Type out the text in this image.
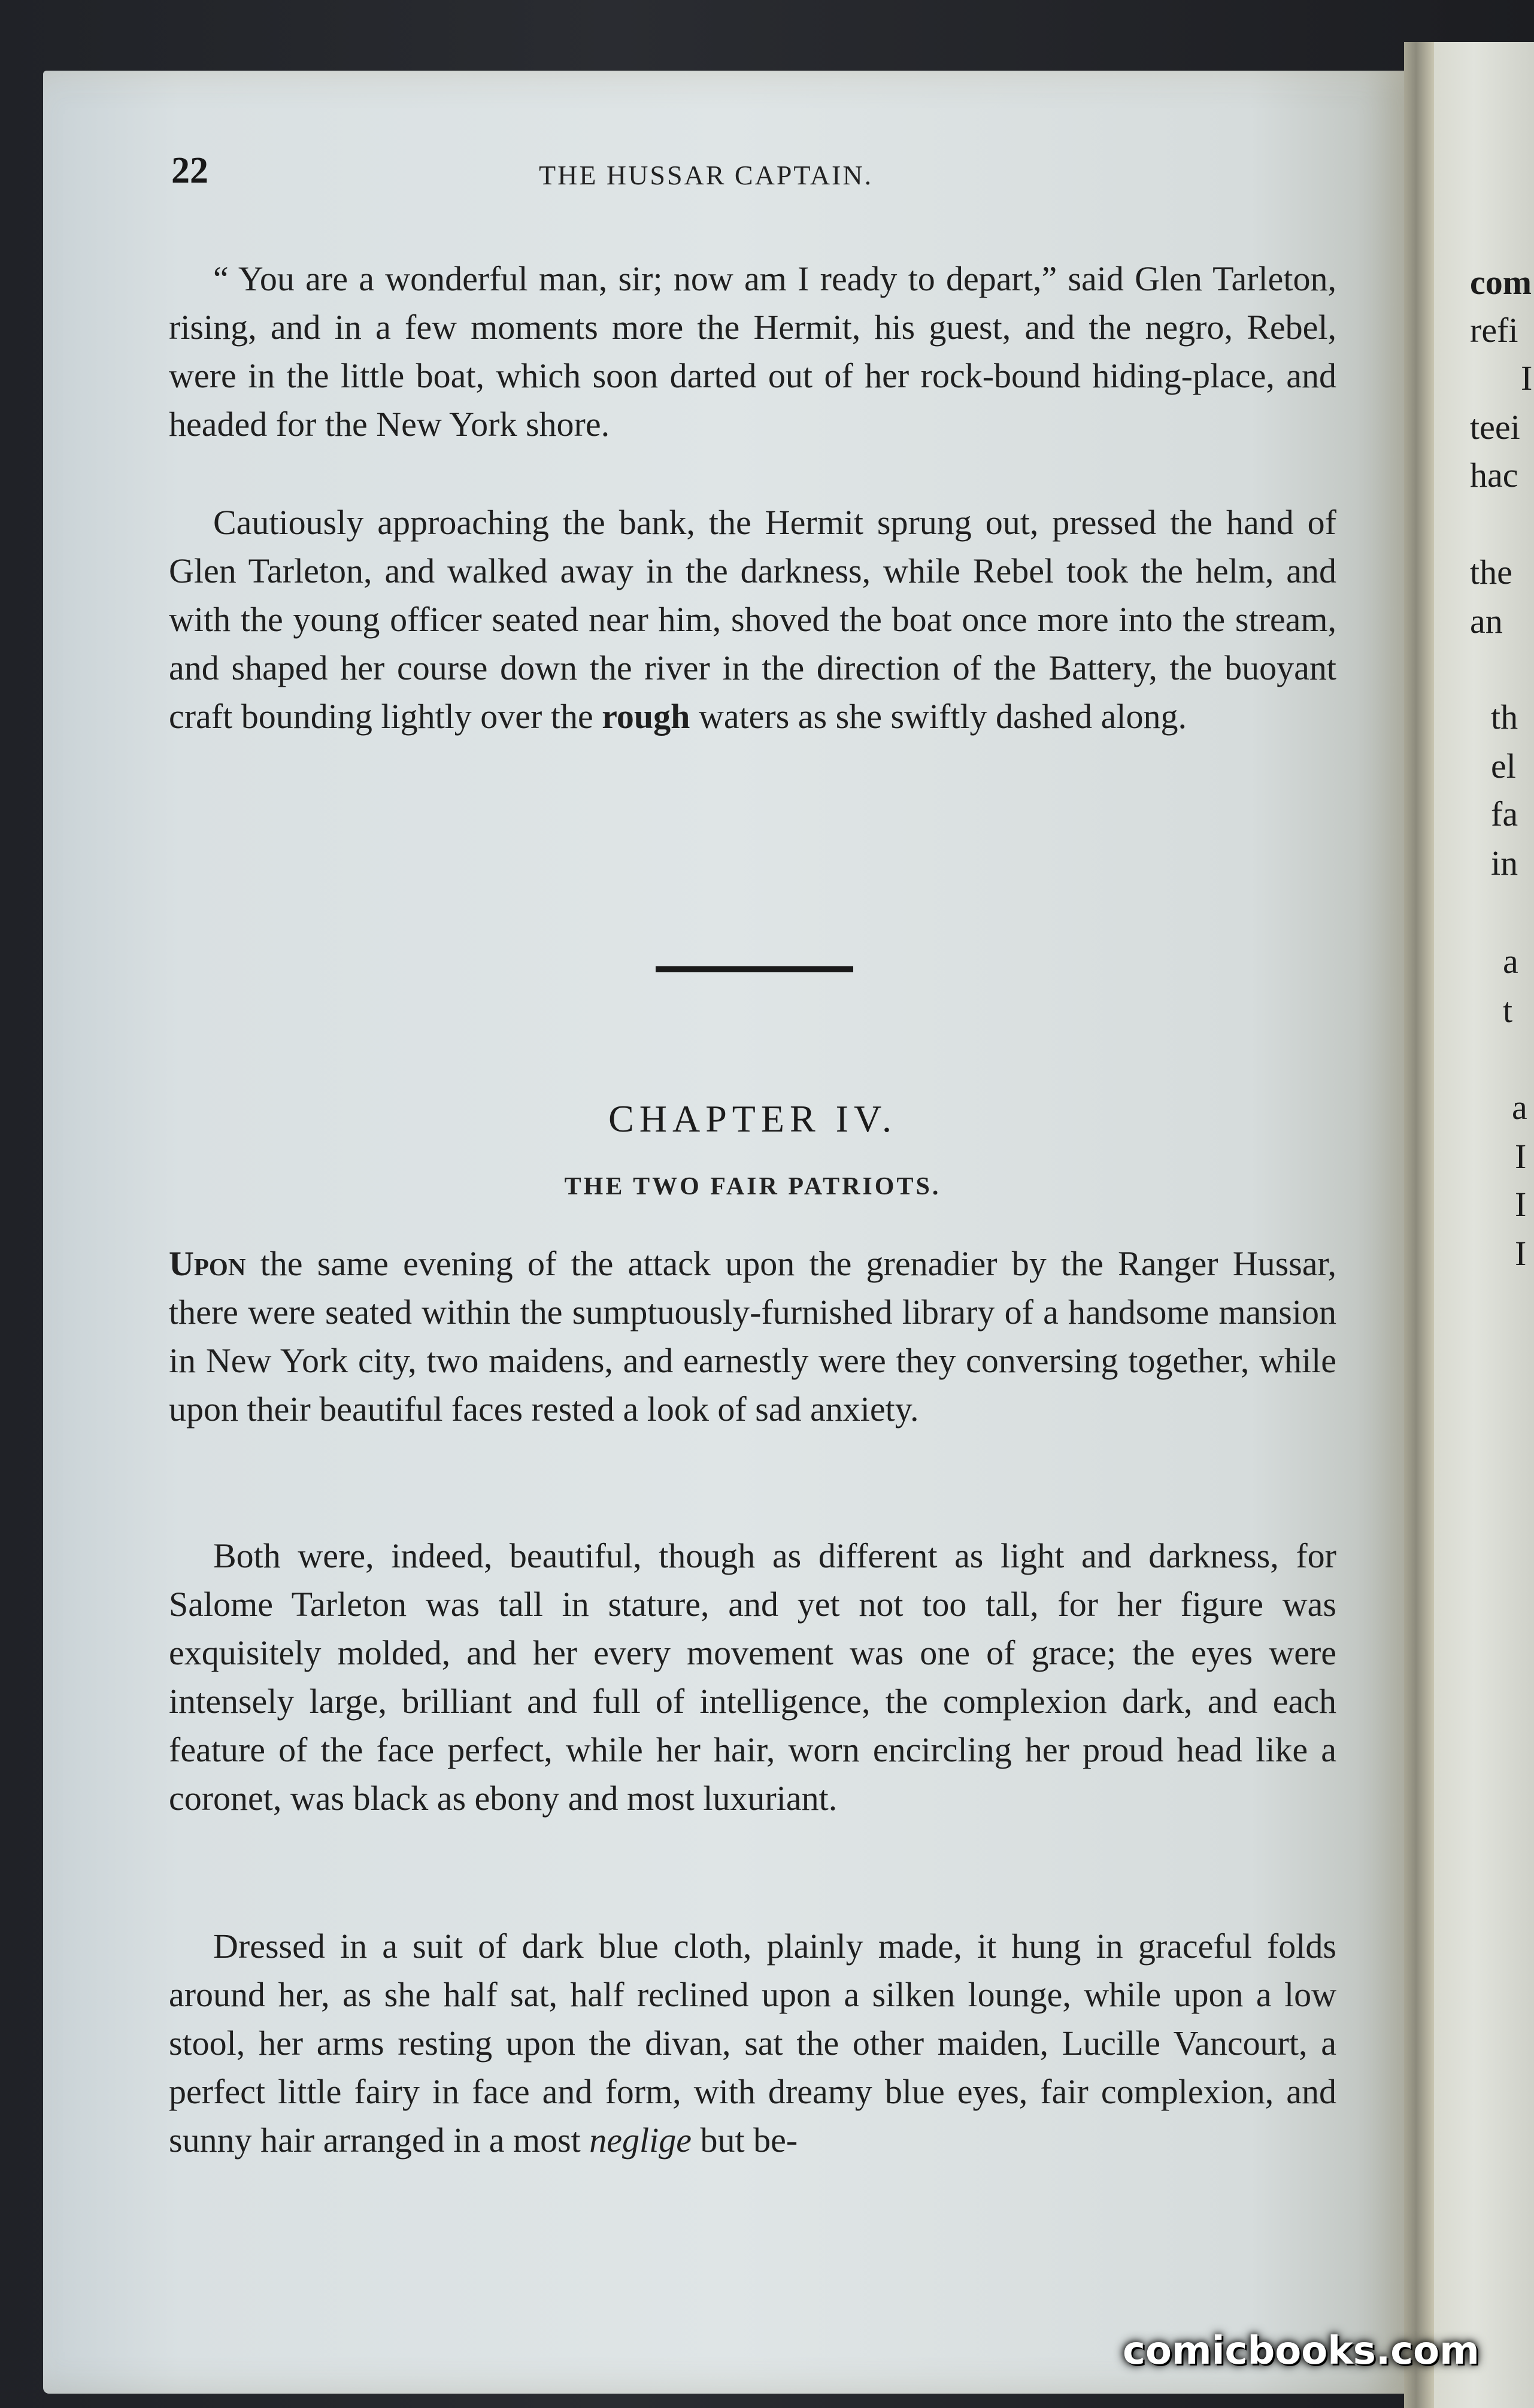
com
refi
I
teei
hac
the
an
th
el
fa
in
a
t
a
I
I
I
22	THE HUSSAR CAPTAIN.

“ You are a wonderful man, sir; now am I ready to depart,” said Glen Tarleton, rising, and in a few moments more the Hermit, his guest, and the negro, Rebel, were in the little boat, which soon darted out of her rock-bound hiding-place, and headed for the New York shore.

Cautiously approaching the bank, the Hermit sprung out, pressed the hand of Glen Tarleton, and walked away in the darkness, while Rebel took the helm, and with the young officer seated near him, shoved the boat once more into the stream, and shaped her course down the river in the direction of the Battery, the buoyant craft bounding lightly over the rough waters as she swiftly dashed along.

CHAPTER IV.
THE TWO FAIR PATRIOTS.

Upon the same evening of the attack upon the grenadier by the Ranger Hussar, there were seated within the sumptuously-furnished library of a handsome mansion in New York city, two maidens, and earnestly were they conversing together, while upon their beautiful faces rested a look of sad anxiety.

Both were, indeed, beautiful, though as different as light and darkness, for Salome Tarleton was tall in stature, and yet not too tall, for her figure was exquisitely molded, and her every movement was one of grace; the eyes were intensely large, brilliant and full of intelligence, the complexion dark, and each feature of the face perfect, while her hair, worn encircling her proud head like a coronet, was black as ebony and most luxuriant.

Dressed in a suit of dark blue cloth, plainly made, it hung in graceful folds around her, as she half sat, half reclined upon a silken lounge, while upon a low stool, her arms resting upon the divan, sat the other maiden, Lucille Vancourt, a perfect little fairy in face and form, with dreamy blue eyes, fair complexion, and sunny hair arranged in a most neglige but be-

comicbooks.com
